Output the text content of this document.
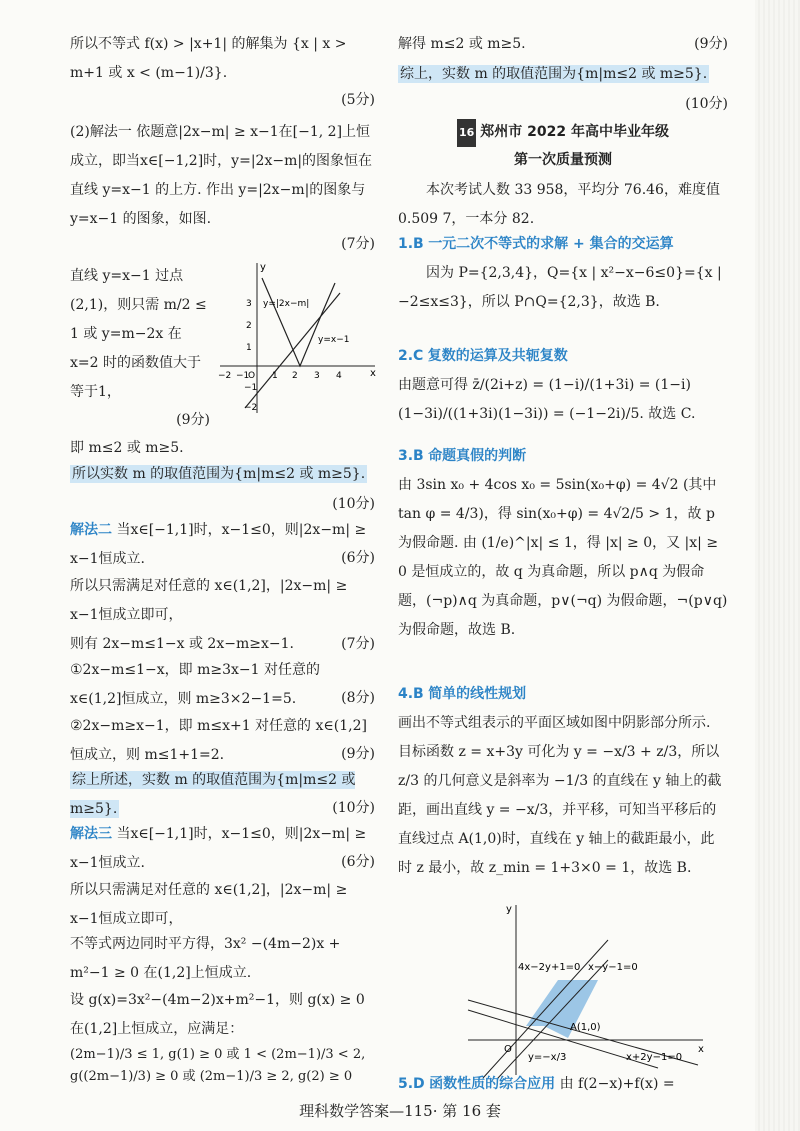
所以不等式 f(x) > |x+1| 的解集为 {x | x > m+1 或 x < (m−1)/3}.

(5分)

(2)解法一 依题意|2x−m| ≥ x−1在[−1, 2]上恒成立，即当x∈[−1,2]时，y=|2x−m|的图象恒在直线 y=x−1 的上方. 作出 y=|2x−m|的图象与 y=x−1 的图象，如图.

(7分)

直线 y=x−1 过点(2,1)，则只需 m/2 ≤ 1 或 y=m−2x 在 x=2 时的函数值大于等于1，

x
y
y=|2x−m|
y=x−1
−2 −1
O 1 2 3 4
3
2
1
−1
−2

(9分)

即 m≤2 或 m≥5.

所以实数 m 的取值范围为{m|m≤2 或 m≥5}.

(10分)

解法二 当x∈[−1,1]时，x−1≤0，则|2x−m| ≥ x−1恒成立.	(6分)

所以只需满足对任意的 x∈(1,2]，|2x−m| ≥ x−1恒成立即可，

则有 2x−m≤1−x 或 2x−m≥x−1.	(7分)

①2x−m≤1−x，即 m≥3x−1 对任意的 x∈(1,2]恒成立，则 m≥3×2−1=5.	(8分)

②2x−m≥x−1，即 m≤x+1 对任意的 x∈(1,2]恒成立，则 m≤1+1=2.	(9分)

综上所述，实数 m 的取值范围为{m|m≤2 或 m≥5}.	(10分)

解法三 当x∈[−1,1]时，x−1≤0，则|2x−m| ≥ x−1恒成立.	(6分)

所以只需满足对任意的 x∈(1,2]，|2x−m| ≥ x−1恒成立即可，

不等式两边同时平方得，3x² −(4m−2)x + m²−1 ≥ 0 在(1,2]上恒成立.

设 g(x)=3x²−(4m−2)x+m²−1，则 g(x) ≥ 0 在(1,2]上恒成立，应满足：

(2m−1)/3 ≤ 1, g(1) ≥ 0 或 1 < (2m−1)/3 < 2, g((2m−1)/3) ≥ 0 或 (2m−1)/3 ≥ 2, g(2) ≥ 0

解得 m≤2 或 m≥5.	(9分)

综上，实数 m 的取值范围为{m|m≤2 或 m≥5}.

(10分)

16 郑州市 2022 年高中毕业年级
第一次质量预测

本次考试人数 33 958，平均分 76.46，难度值 0.509 7，一本分 82.

1.B 一元二次不等式的求解 + 集合的交运算

因为 P={2,3,4}，Q={x | x²−x−6≤0}={x | −2≤x≤3}，所以 P∩Q={2,3}，故选 B.

2.C 复数的运算及共轭复数

由题意可得 z̄/(2i+z) = (1−i)/(1+3i) = (1−i)(1−3i)/((1+3i)(1−3i)) = (−1−2i)/5. 故选 C.

3.B 命题真假的判断

由 3sin x₀ + 4cos x₀ = 5sin(x₀+φ) = 4√2 (其中 tan φ = 4/3)，得 sin(x₀+φ) = 4√2/5 > 1，故 p 为假命题. 由 (1/e)^|x| ≤ 1，得 |x| ≥ 0，又 |x| ≥ 0 是恒成立的，故 q 为真命题，所以 p∧q 为假命题，(¬p)∧q 为真命题，p∨(¬q) 为假命题，¬(p∨q) 为假命题，故选 B.

4.B 简单的线性规划

画出不等式组表示的平面区域如图中阴影部分所示. 目标函数 z = x+3y 可化为 y = −x/3 + z/3，所以 z/3 的几何意义是斜率为 −1/3 的直线在 y 轴上的截距，画出直线 y = −x/3，并平移，可知当平移后的直线过点 A(1,0)时，直线在 y 轴上的截距最小，此时 z 最小，故 z_min = 1+3×0 = 1，故选 B.

x
y
4x−2y+1=0 x−y−1=0
x+2y−1=0
y=−x/3
A(1,0)
O

5.D 函数性质的综合应用 由 f(2−x)+f(x) =

理科数学答案—115· 第 16 套
